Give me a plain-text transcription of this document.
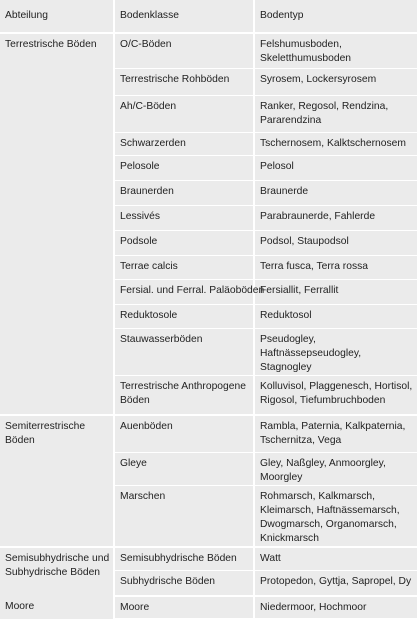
Abteilung	Bodenklasse	Bodentyp
Terrestrische Böden	O/C-Böden	Felshumusboden, Skeletthumusboden
	Terrestrische Rohböden	Syrosem, Lockersyrosem
	Ah/C-Böden	Ranker, Regosol, Rendzina, Pararendzina
	Schwarzerden	Tschernosem, Kalktschernosem
	Pelosole	Pelosol
	Braunerden	Braunerde
	Lessivés	Parabraunerde, Fahlerde
	Podsole	Podsol, Staupodsol
	Terrae calcis	Terra fusca, Terra rossa
	Fersial. und Ferral. Paläoböden	Fersiallit, Ferrallit
	Reduktosole	Reduktosol
	Stauwasserböden	Pseudogley, Haftnässepseudogley, Stagnogley
	Terrestrische Anthropogene Böden	Kolluvisol, Plaggenesch, Hortisol, Rigosol, Tiefumbruchboden
Semiterrestrische Böden	Auenböden	Rambla, Paternia, Kalkpaternia, Tschernitza, Vega
	Gleye	Gley, Naßgley, Anmoorgley, Moorgley
	Marschen	Rohmarsch, Kalkmarsch, Kleimarsch, Haftnässemarsch, Dwogmarsch, Organomarsch, Knickmarsch
Semisubhydrische und Subhydrische Böden	Semisubhydrische Böden	Watt
	Subhydrische Böden	Protopedon, Gyttja, Sapropel, Dy
Moore	Moore	Niedermoor, Hochmoor
